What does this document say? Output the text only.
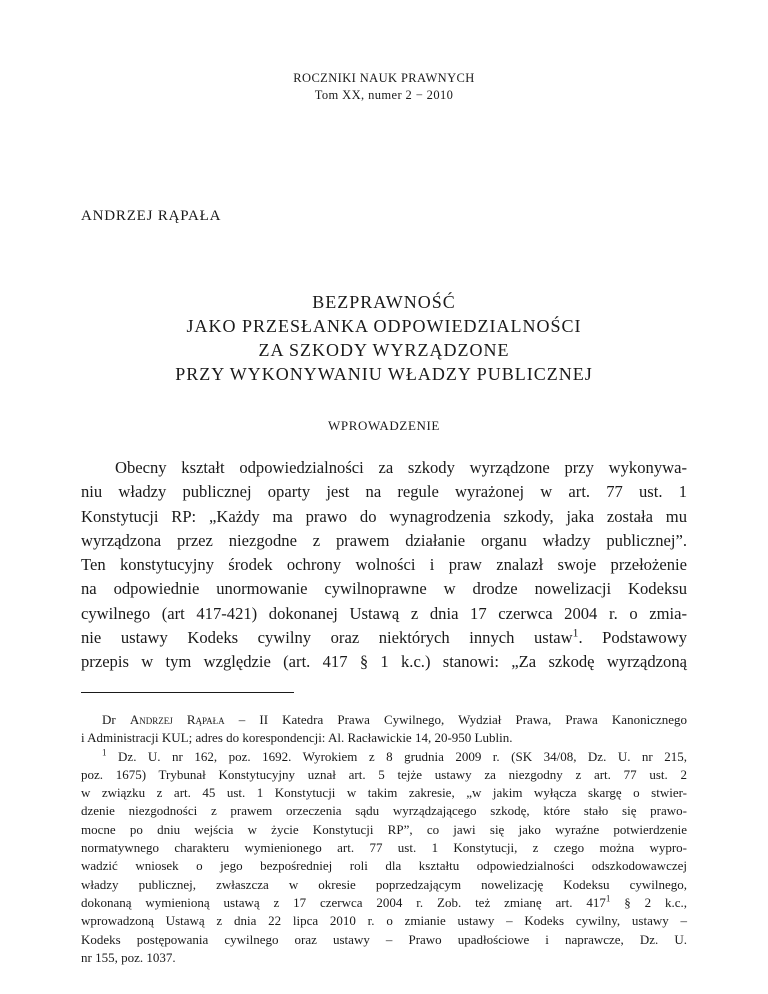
ROCZNIKI NAUK PRAWNYCH
Tom XX, numer 2 − 2010
ANDRZEJ RĄPAŁA
BEZPRAWNOŚĆ
JAKO PRZESŁANKA ODPOWIEDZIALNOŚCI
ZA SZKODY WYRZĄDZONE
PRZY WYKONYWANIU WŁADZY PUBLICZNEJ
WPROWADZENIE
Obecny kształt odpowiedzialności za szkody wyrządzone przy wykonywa-
niu władzy publicznej oparty jest na regule wyrażonej w art. 77 ust. 1
Konstytucji RP: „Każdy ma prawo do wynagrodzenia szkody, jaka została mu
wyrządzona przez niezgodne z prawem działanie organu władzy publicznej”.
Ten konstytucyjny środek ochrony wolności i praw znalazł swoje przełożenie
na odpowiednie unormowanie cywilnoprawne w drodze nowelizacji Kodeksu
cywilnego (art 417-421) dokonanej Ustawą z dnia 17 czerwca 2004 r. o zmia-
nie ustawy Kodeks cywilny oraz niektórych innych ustaw$^1$. Podstawowy
przepis w tym względzie (art. 417 § 1 k.c.) stanowi: „Za szkodę wyrządzoną
Dr Andrzej Rąpała – II Katedra Prawa Cywilnego, Wydział Prawa, Prawa Kanonicznego
i Administracji KUL; adres do korespondencji: Al. Racławickie 14, 20-950 Lublin.
$^1$ Dz. U. nr 162, poz. 1692. Wyrokiem z 8 grudnia 2009 r. (SK 34/08, Dz. U. nr 215,
poz. 1675) Trybunał Konstytucyjny uznał art. 5 tejże ustawy za niezgodny z art. 77 ust. 2
w związku z art. 45 ust. 1 Konstytucji w takim zakresie, „w jakim wyłącza skargę o stwier-
dzenie niezgodności z prawem orzeczenia sądu wyrządzającego szkodę, które stało się prawo-
mocne po dniu wejścia w życie Konstytucji RP”, co jawi się jako wyraźne potwierdzenie
normatywnego charakteru wymienionego art. 77 ust. 1 Konstytucji, z czego można wypro-
wadzić wniosek o jego bezpośredniej roli dla kształtu odpowiedzialności odszkodowawczej
władzy publicznej, zwłaszcza w okresie poprzedzającym nowelizację Kodeksu cywilnego,
dokonaną wymienioną ustawą z 17 czerwca 2004 r. Zob. też zmianę art. $417^1$ § 2 k.c.,
wprowadzoną Ustawą z dnia 22 lipca 2010 r. o zmianie ustawy – Kodeks cywilny, ustawy –
Kodeks postępowania cywilnego oraz ustawy – Prawo upadłościowe i naprawcze, Dz. U.
nr 155, poz. 1037.
